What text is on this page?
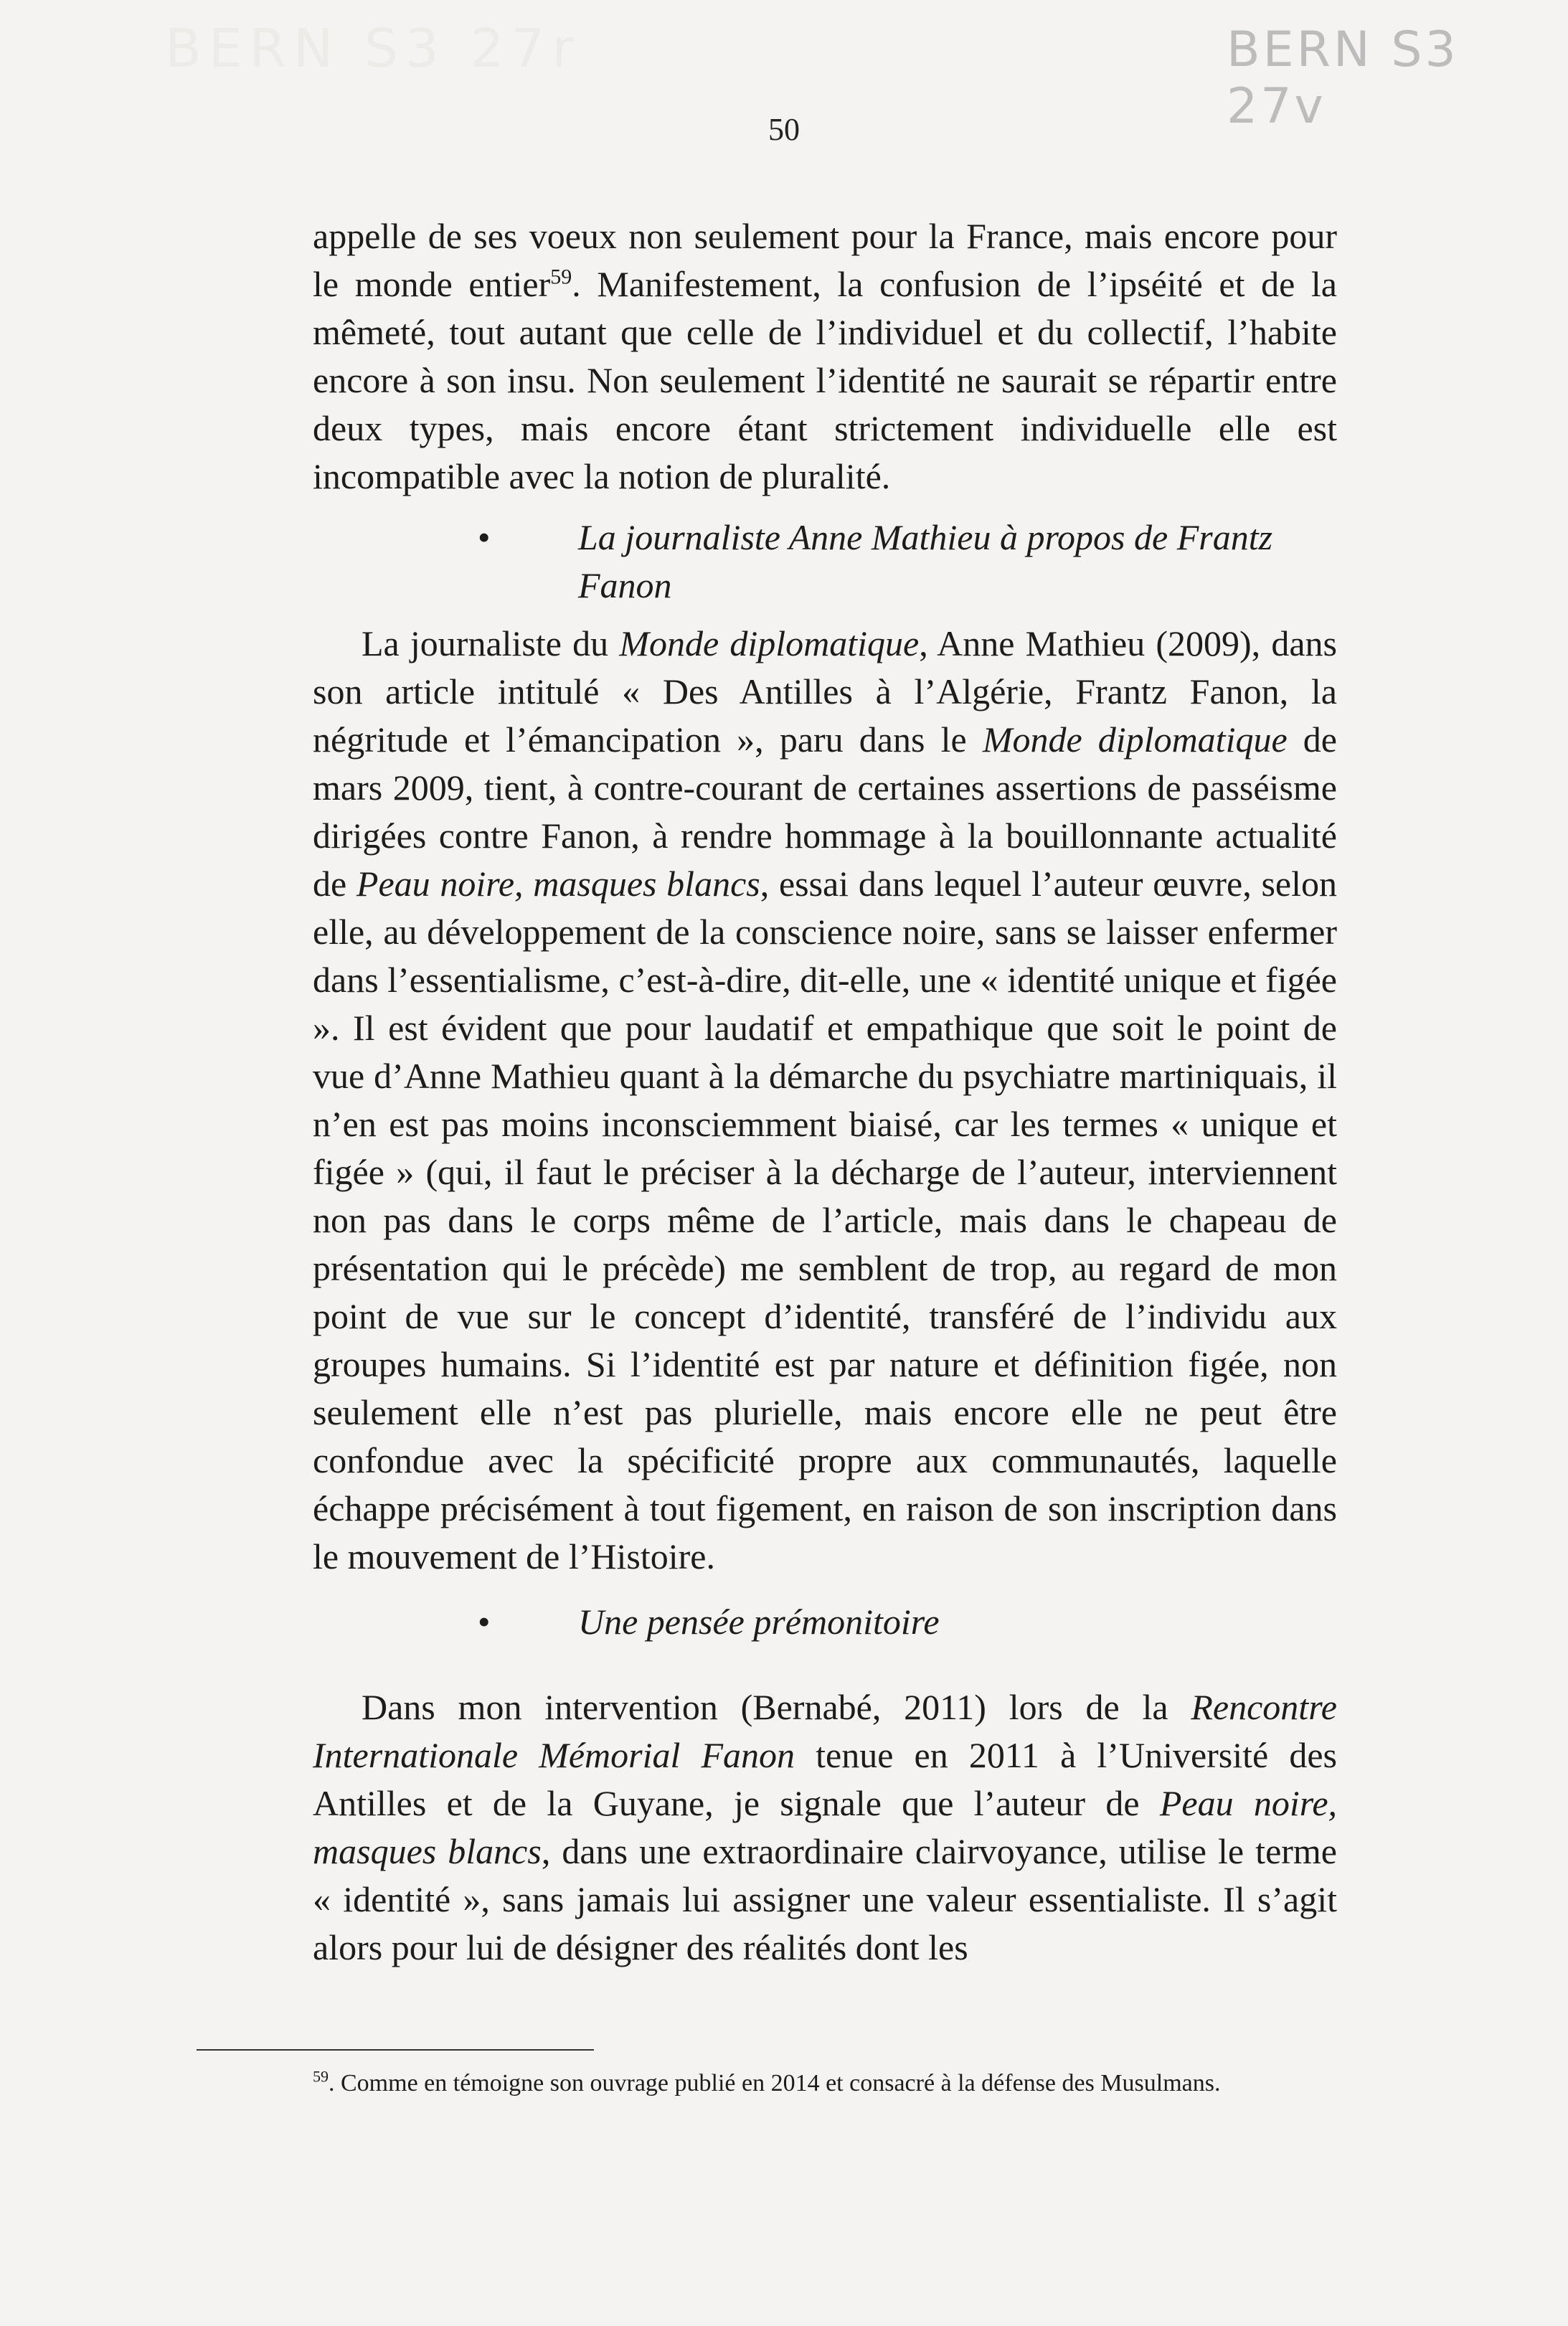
BERN S3 27r	BERN S3 27v
50

appelle de ses voeux non seulement pour la France, mais encore pour le monde entier$^{59}$. Manifestement, la confusion de l’ipséité et de la mêmeté, tout autant que celle de l’individuel et du collectif, l’habite encore à son insu. Non seulement l’identité ne saurait se répartir entre deux types, mais encore étant strictement individuelle elle est incompatible avec la notion de pluralité.

•	La journaliste Anne Mathieu à propos de Frantz Fanon

La journaliste du Monde diplomatique, Anne Mathieu (2009), dans son article intitulé « Des Antilles à l’Algérie, Frantz Fanon, la négritude et l’émancipation », paru dans le Monde diplomatique de mars 2009, tient, à contre-courant de certaines assertions de passéisme dirigées contre Fanon, à rendre hommage à la bouillonnante actualité de Peau noire, masques blancs, essai dans lequel l’auteur œuvre, selon elle, au développement de la conscience noire, sans se laisser enfermer dans l’essentialisme, c’est-à-dire, dit-elle, une « identité unique et figée ». Il est évident que pour laudatif et empathique que soit le point de vue d’Anne Mathieu quant à la démarche du psychiatre martiniquais, il n’en est pas moins inconsciemment biaisé, car les termes « unique et figée » (qui, il faut le préciser à la décharge de l’auteur, interviennent non pas dans le corps même de l’article, mais dans le chapeau de présentation qui le précède) me semblent de trop, au regard de mon point de vue sur le concept d’identité, transféré de l’individu aux groupes humains. Si l’identité est par nature et définition figée, non seulement elle n’est pas plurielle, mais encore elle ne peut être confondue avec la spécificité propre aux communautés, laquelle échappe précisément à tout figement, en raison de son inscription dans le mouvement de l’Histoire.

•	Une pensée prémonitoire

Dans mon intervention (Bernabé, 2011) lors de la Rencontre Internationale Mémorial Fanon tenue en 2011 à l’Université des Antilles et de la Guyane, je signale que l’auteur de Peau noire, masques blancs, dans une extraordinaire clairvoyance, utilise le terme « identité », sans jamais lui assigner une valeur essentialiste. Il s’agit alors pour lui de désigner des réalités dont les

$^{59}$. Comme en témoigne son ouvrage publié en 2014 et consacré à la défense des Musulmans.
